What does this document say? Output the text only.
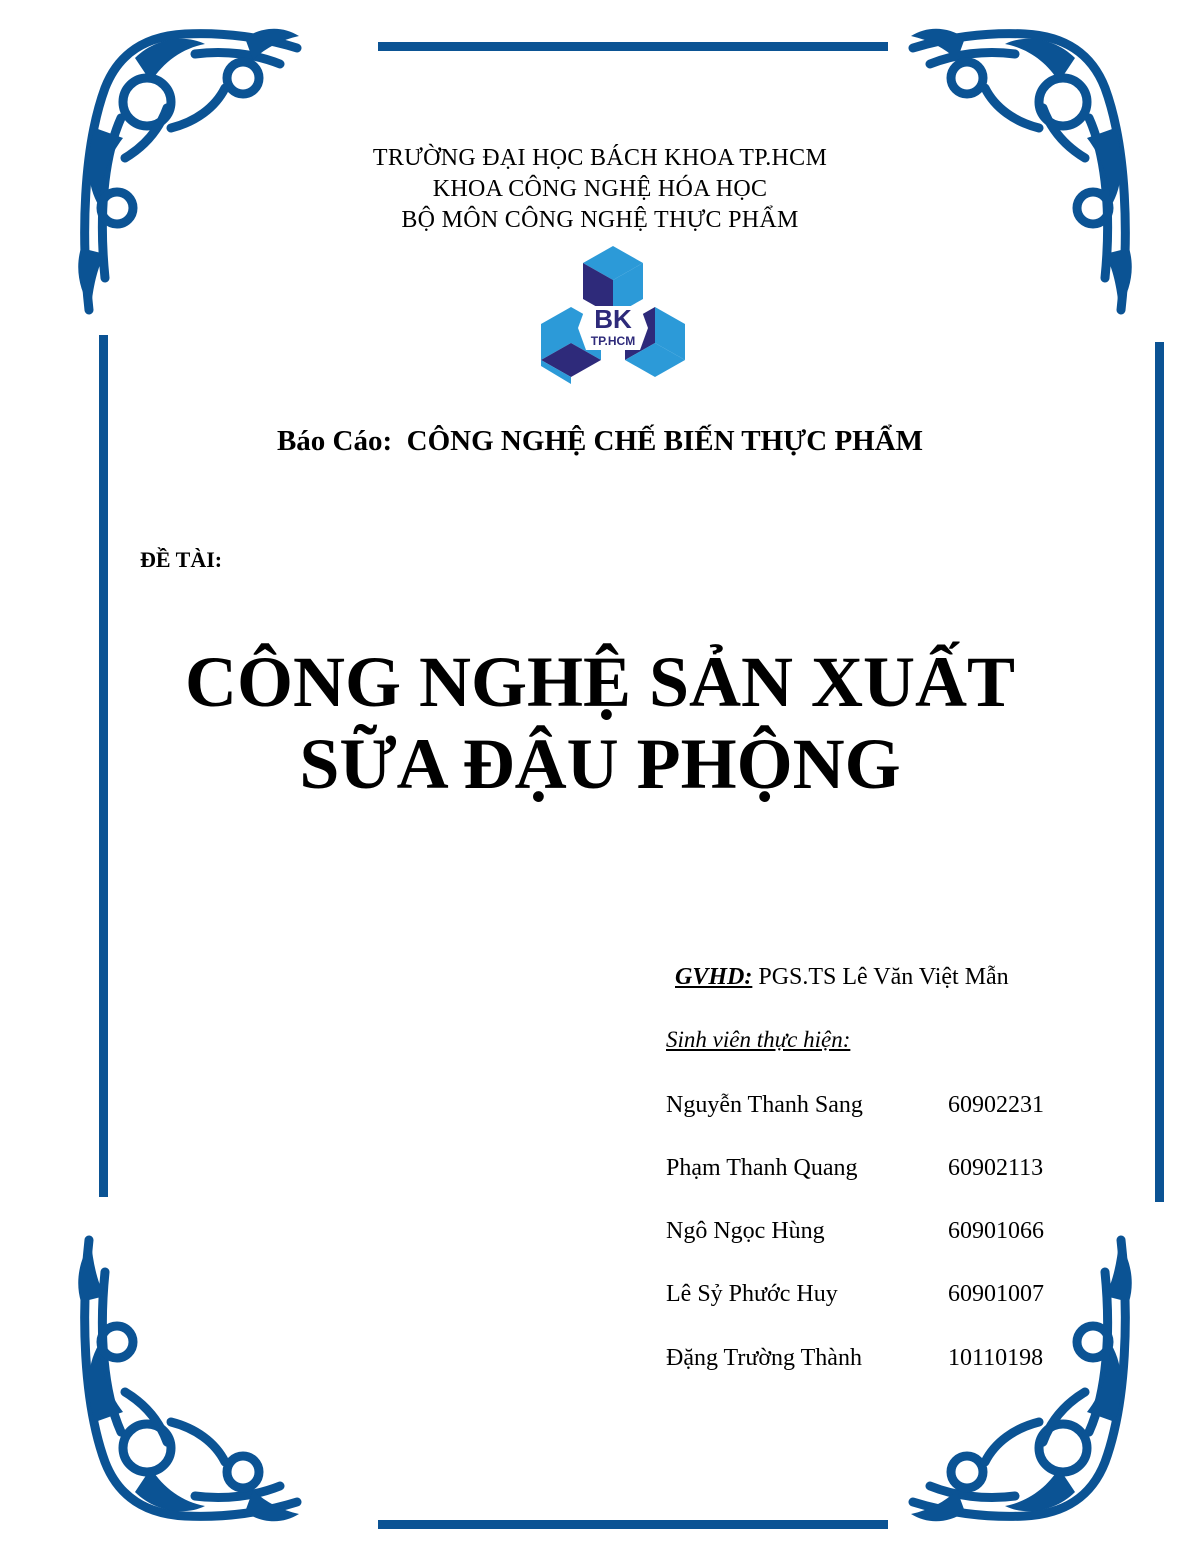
TRƯỜNG ĐẠI HỌC BÁCH KHOA TP.HCM
KHOA CÔNG NGHỆ HÓA HỌC
BỘ MÔN CÔNG NGHỆ THỰC PHẨM
BK
TP.HCM
Báo Cáo: CÔNG NGHỆ CHẾ BIẾN THỰC PHẨM
ĐỀ TÀI:
CÔNG NGHỆ SẢN XUẤT
SỮA ĐẬU PHỘNG
GVHD: PGS.TS Lê Văn Việt Mẫn
Sinh viên thực hiện:
Nguyễn Thanh Sang	60902231
Phạm Thanh Quang	60902113
Ngô Ngọc Hùng	60901066
Lê Sỷ Phước Huy	60901007
Đặng Trường Thành	10110198
